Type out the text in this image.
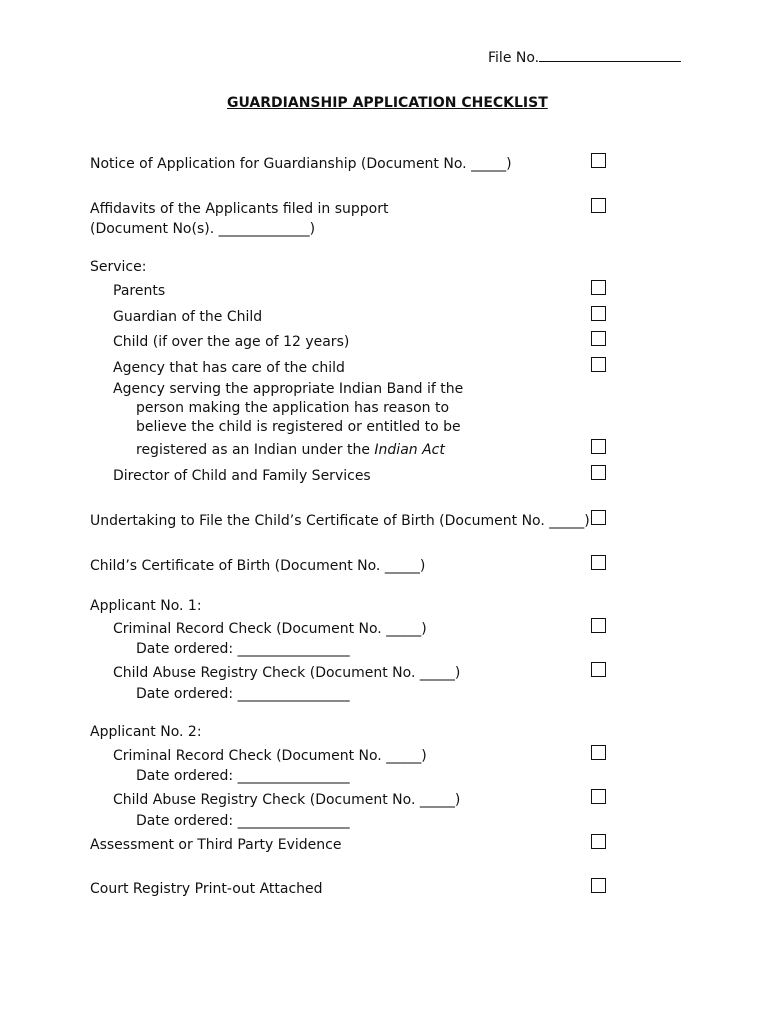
File No.
GUARDIANSHIP APPLICATION CHECKLIST
Notice of Application for Guardianship (Document No. _____)
Affidavits of the Applicants filed in support
(Document No(s). _____________)
Service:
Parents
Guardian of the Child
Child (if over the age of 12 years)
Agency that has care of the child
Agency serving the appropriate Indian Band if the
person making the application has reason to
believe the child is registered or entitled to be
registered as an Indian under the Indian Act
Director of Child and Family Services
Undertaking to File the Child’s Certificate of Birth (Document No. _____)
Child’s Certificate of Birth (Document No. _____)
Applicant No. 1:
Criminal Record Check (Document No. _____)
Date ordered: ________________
Child Abuse Registry Check (Document No. _____)
Date ordered: ________________
Applicant No. 2:
Criminal Record Check (Document No. _____)
Date ordered: ________________
Child Abuse Registry Check (Document No. _____)
Date ordered: ________________
Assessment or Third Party Evidence
Court Registry Print-out Attached
